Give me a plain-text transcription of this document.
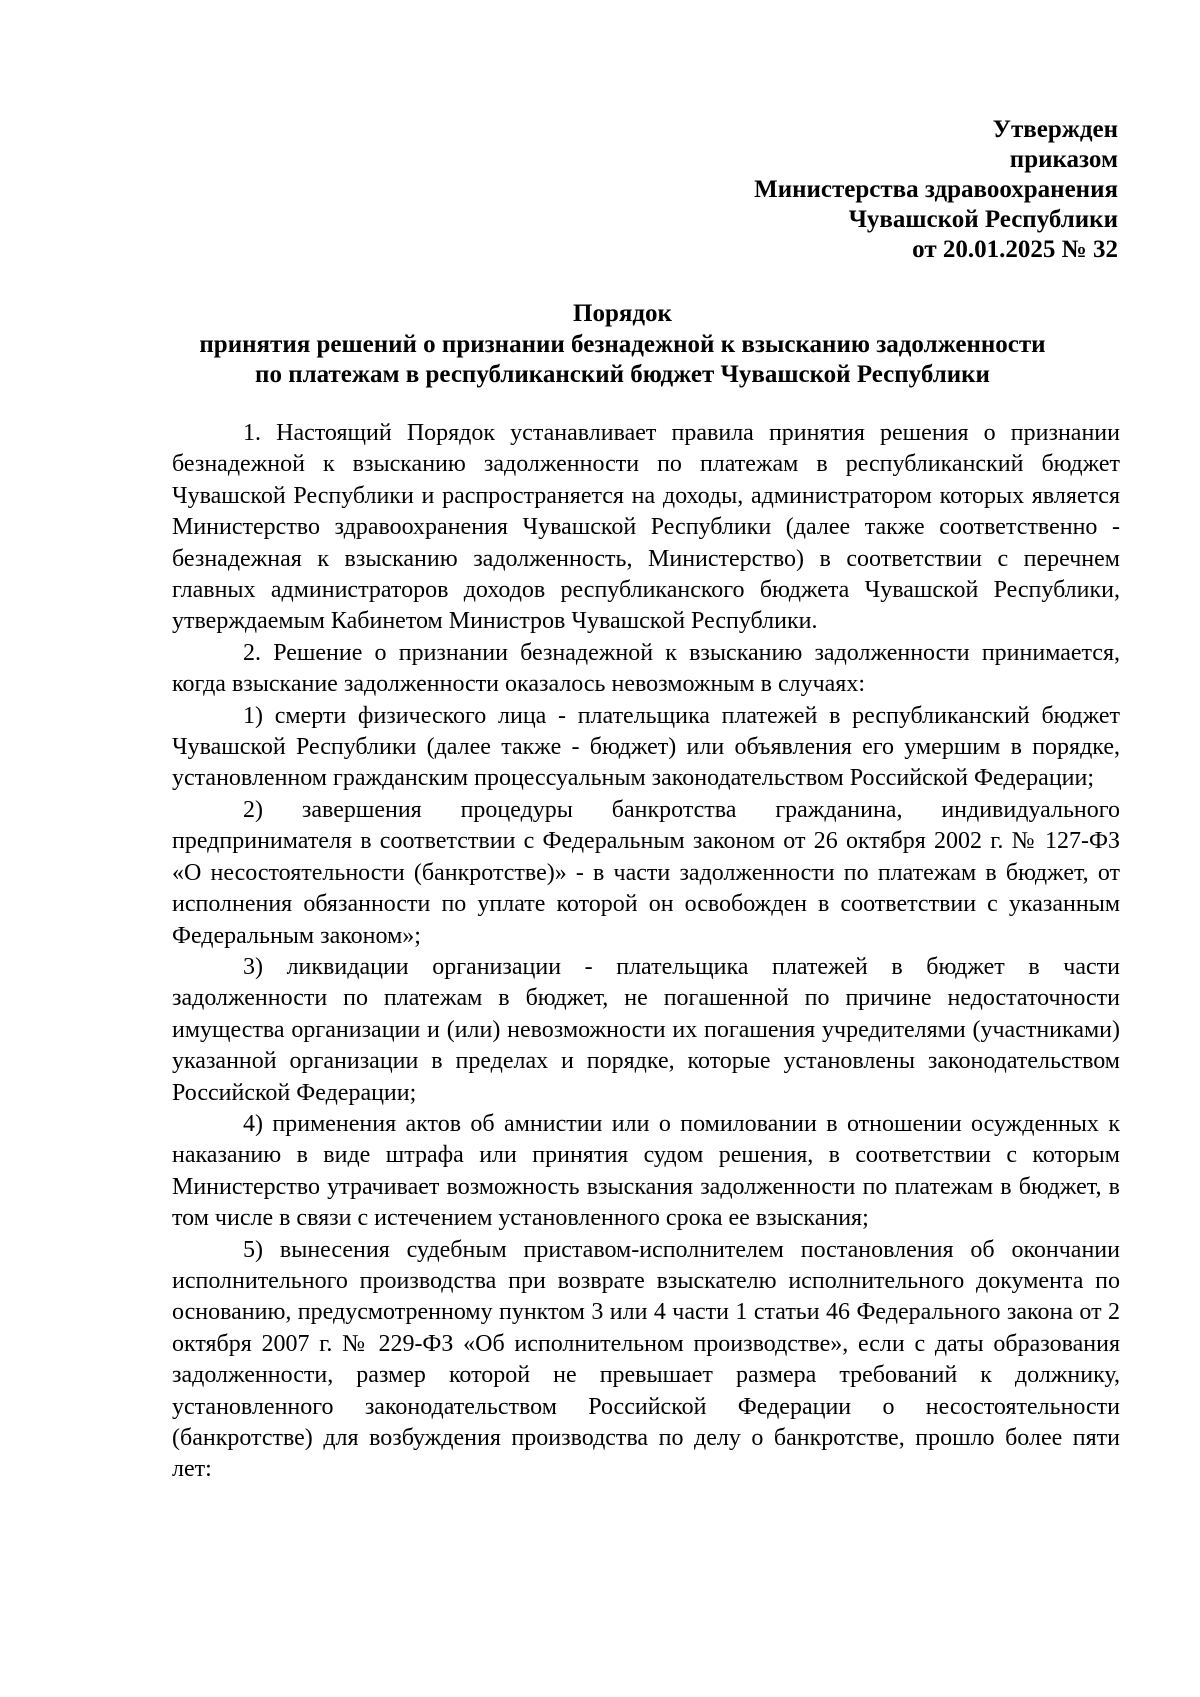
Утвержден
приказом
Министерства здравоохранения
Чувашской Республики
от 20.01.2025 № 32
Порядок
принятия решений о признании безнадежной к взысканию задолженности
по платежам в республиканский бюджет Чувашской Республики

1. Настоящий Порядок устанавливает правила принятия решения о признании безнадежной к взысканию задолженности по платежам в республиканский бюджет Чувашской Республики и распространяется на доходы, администратором которых является Министерство здравоохранения Чувашской Республики (далее также соответственно - безнадежная к взысканию задолженность, Министерство) в соответствии с перечнем главных администраторов доходов республиканского бюджета Чувашской Республики, утверждаемым Кабинетом Министров Чувашской Республики.

2. Решение о признании безнадежной к взысканию задолженности принимается, когда взыскание задолженности оказалось невозможным в случаях:

1) смерти физического лица - плательщика платежей в республиканский бюджет Чувашской Республики (далее также - бюджет) или объявления его умершим в порядке, установленном гражданским процессуальным законодательством Российской Федерации;

2) завершения процедуры банкротства гражданина, индивидуального предпринимателя в соответствии с Федеральным законом от 26 октября 2002 г. № 127-ФЗ «О несостоятельности (банкротстве)» - в части задолженности по платежам в бюджет, от исполнения обязанности по уплате которой он освобожден в соответствии с указанным Федеральным законом»;

3) ликвидации организации - плательщика платежей в бюджет в части задолженности по платежам в бюджет, не погашенной по причине недостаточности имущества организации и (или) невозможности их погашения учредителями (участниками) указанной организации в пределах и порядке, которые установлены законодательством Российской Федерации;

4) применения актов об амнистии или о помиловании в отношении осужденных к наказанию в виде штрафа или принятия судом решения, в соответствии с которым Министерство утрачивает возможность взыскания задолженности по платежам в бюджет, в том числе в связи с истечением установленного срока ее взыскания;

5) вынесения судебным приставом-исполнителем постановления об окончании исполнительного производства при возврате взыскателю исполнительного документа по основанию, предусмотренному пунктом 3 или 4 части 1 статьи 46 Федерального закона от 2 октября 2007 г. № 229-ФЗ «Об исполнительном производстве», если с даты образования задолженности, размер которой не превышает размера требований к должнику, установленного законодательством Российской Федерации о несостоятельности (банкротстве) для возбуждения производства по делу о банкротстве, прошло более пяти лет:
